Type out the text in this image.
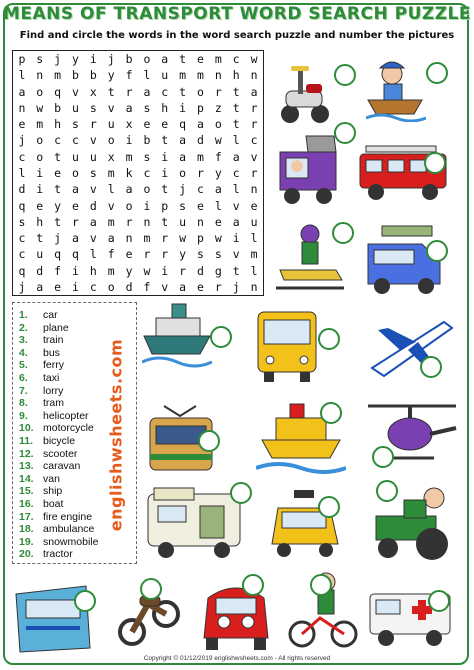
MEANS OF TRANSPORT WORD SEARCH PUZZLE
Find and circle the words in the word search puzzle and number the pictures
p s j y i j b o a t e m c w
l n m b b y f l u m m n h n
a o q v x t r a c t o r t a
n w b u s v a s h i p z t r
e m h s r u x e e q a o t r
j o c c v o i b t a d w l c
c o t u u x m s i a m f a v
l i e o s m k c i o r y c r
d i t a v l a o t j c a l n
q e y e d v o i p s e l v e
s h t r a m r n t u n e a u
c t j a v a n m r w p w i l
c u q q l f e r r y s s v m
q d f i h m y w i r d g t l
j a e i c o d f v a e r j n
1. car
2. plane
3. train
4. bus
5. ferry
6. taxi
7. lorry
8. tram
9. helicopter
10. motorcycle
11. bicycle
12. scooter
13. caravan
14. van
15. ship
16. boat
17. fire engine
18. ambulance
19. snowmobile
20. tractor
englishwsheets.com
Copyright © 01/12/2019 englishwsheets.com - All rights reserved
